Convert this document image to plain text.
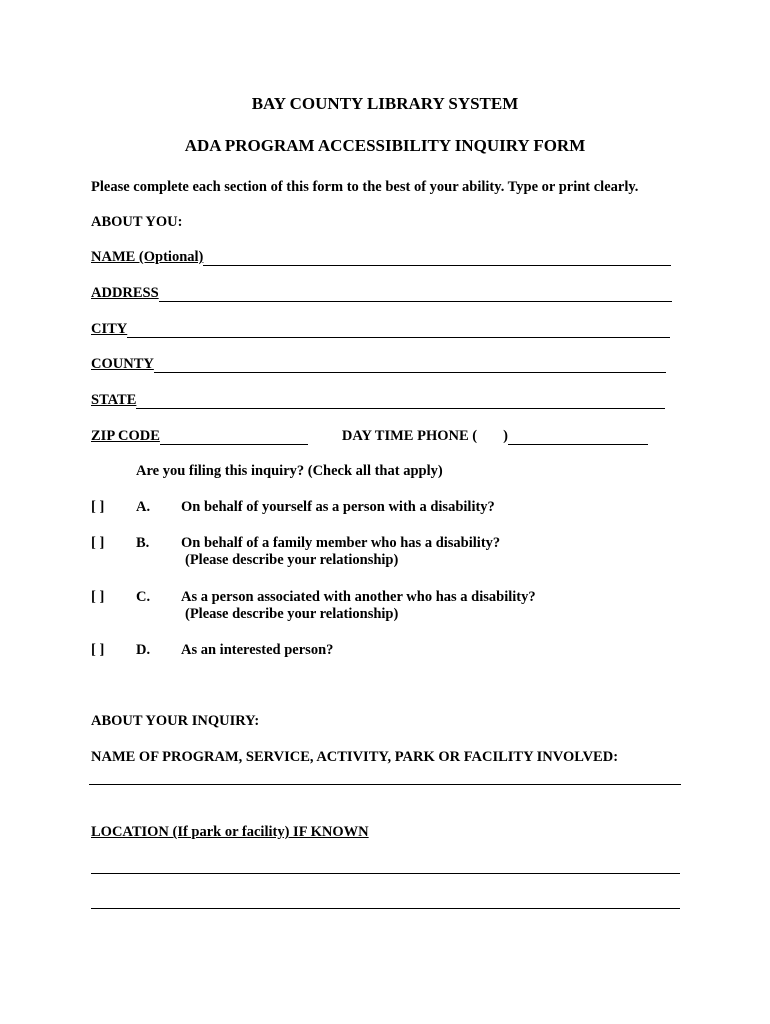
BAY COUNTY LIBRARY SYSTEM
ADA PROGRAM ACCESSIBILITY INQUIRY FORM
Please complete each section of this form to the best of your ability. Type or print clearly.
ABOUT YOU:
NAME (Optional)
ADDRESS
CITY
COUNTY
STATE
ZIP CODE	DAY TIME PHONE ( )
Are you filing this inquiry? (Check all that apply)
[ ] A. On behalf of yourself as a person with a disability?
[ ] B. On behalf of a family member who has a disability?
(Please describe your relationship)
[ ] C. As a person associated with another who has a disability?
(Please describe your relationship)
[ ] D. As an interested person?
ABOUT YOUR INQUIRY:
NAME OF PROGRAM, SERVICE, ACTIVITY, PARK OR FACILITY INVOLVED:
LOCATION (If park or facility) IF KNOWN
